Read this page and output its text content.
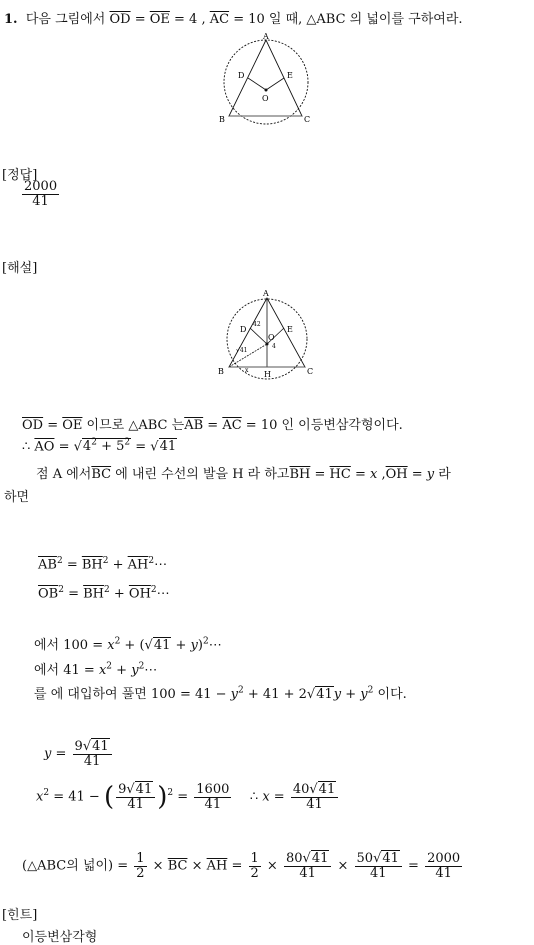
1. 다음 그림에서 $\overline{OD} = \overline{OE} = 4$ , $\overline{AC} = 10$ 일 때, △ABC 의 넓이를 구하여라.
A
B	C
D	E
O
[정답]
$\frac{2000}{41}$
[해설]
A
B	C
D	E
O
H
√41
4
42
x
$\overline{OD} = \overline{OE}$ 이므로 △ABC 는$\overline{AB} = \overline{AC} = 10$ 인 이등변삼각형이다.
∴ $\overline{AO} = √4^2 + 5^2 = √41$
점 A 에서$\overline{BC}$ 에 내린 수선의 발을 H 라 하고$\overline{BH} = \overline{HC} = x$ $,\overline{OH} = y$ 라
하면
$\overline{AB}^2 = \overline{BH}^2$ + $\overline{AH}^2\cdots$
$\overline{OB}^2 = \overline{BH}^2$ + $\overline{OH}^2\cdots$
에서 $100 = x^2 + (√41$ + $y)^2\cdots$
에서 $41 = x^2$ + $y^2\cdots$
를 에 대입하여 풀면 $100 = 41 - y^2 + 41 + 2√41y + y^2$ 이다.
$y = \frac{9√41}{41}$
$x^2 = 41$ − ( $\frac{9√41}{41} )^2 = \frac{1600}{41}$ ∴ $x = \frac{40√41}{41}$
(△ABC의 넓이) = $\frac{1}{2} \times \overline{BC} \times \overline{AH} = \frac{1}{2} \times \frac{80√41}{41} \times \frac{50√41}{41} = \frac{2000}{41}$
[힌트]
이등변삼각형
